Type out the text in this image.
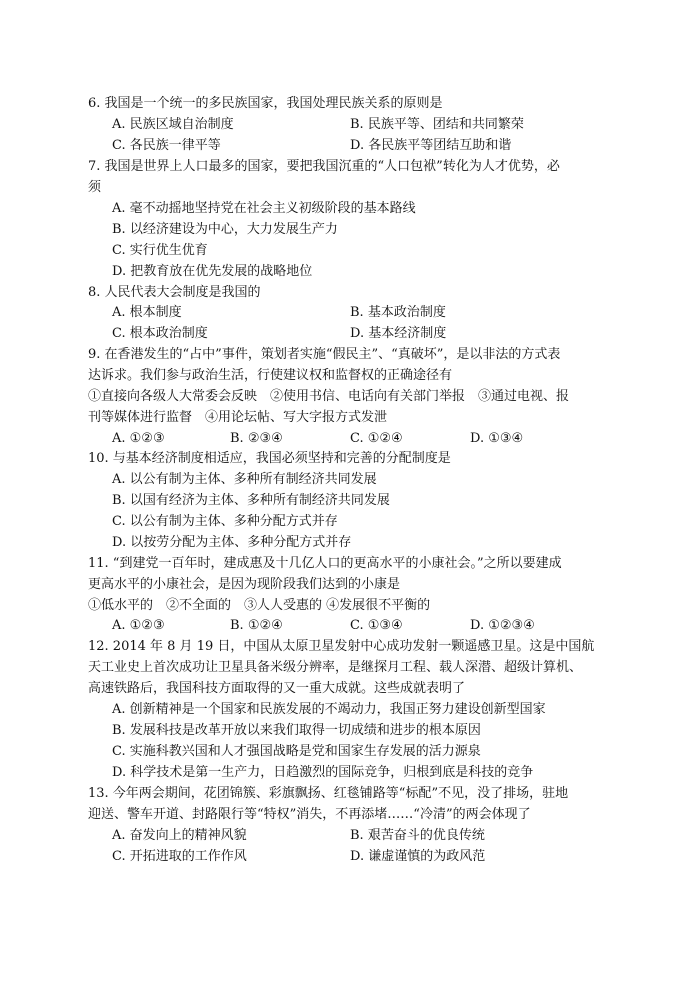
6. 我国是一个统一的多民族国家，我国处理民族关系的原则是
A. 民族区域自治制度	B. 民族平等、团结和共同繁荣
C. 各民族一律平等	D. 各民族平等团结互助和谐
7. 我国是世界上人口最多的国家，要把我国沉重的“人口包袱”转化为人才优势，必
须
A. 毫不动摇地坚持党在社会主义初级阶段的基本路线
B. 以经济建设为中心，大力发展生产力
C. 实行优生优育
D. 把教育放在优先发展的战略地位
8. 人民代表大会制度是我国的
A. 根本制度	B. 基本政治制度
C. 根本政治制度	D. 基本经济制度
9. 在香港发生的“占中”事件，策划者实施“假民主”、“真破坏”，是以非法的方式表
达诉求。我们参与政治生活，行使建议权和监督权的正确途径有
①直接向各级人大常委会反映　②使用书信、电话向有关部门举报　③通过电视、报
刊等媒体进行监督　④用论坛帖、写大字报方式发泄
A. ①②③	B. ②③④	C. ①②④	D. ①③④
10. 与基本经济制度相适应，我国必须坚持和完善的分配制度是
A. 以公有制为主体、多种所有制经济共同发展
B. 以国有经济为主体、多种所有制经济共同发展
C. 以公有制为主体、多种分配方式并存
D. 以按劳分配为主体、多种分配方式并存
11. “到建党一百年时，建成惠及十几亿人口的更高水平的小康社会。”之所以要建成
更高水平的小康社会，是因为现阶段我们达到的小康是
①低水平的　②不全面的　③人人受惠的 ④发展很不平衡的
A. ①②③	B. ①②④	C. ①③④	D. ①②③④
12. 2014 年 8 月 19 日，中国从太原卫星发射中心成功发射一颗遥感卫星。这是中国航
天工业史上首次成功让卫星具备米级分辨率，是继探月工程、载人深潜、超级计算机、
高速铁路后，我国科技方面取得的又一重大成就。这些成就表明了
A. 创新精神是一个国家和民族发展的不竭动力，我国正努力建设创新型国家
B. 发展科技是改革开放以来我们取得一切成绩和进步的根本原因
C. 实施科教兴国和人才强国战略是党和国家生存发展的活力源泉
D. 科学技术是第一生产力，日趋激烈的国际竞争，归根到底是科技的竞争
13. 今年两会期间，花团锦簇、彩旗飘扬、红毯铺路等“标配”不见，没了排场，驻地
迎送、警车开道、封路限行等“特权”消失，不再添堵……“冷清”的两会体现了
A. 奋发向上的精神风貌	B. 艰苦奋斗的优良传统
C. 开拓进取的工作作风	D. 谦虚谨慎的为政风范
